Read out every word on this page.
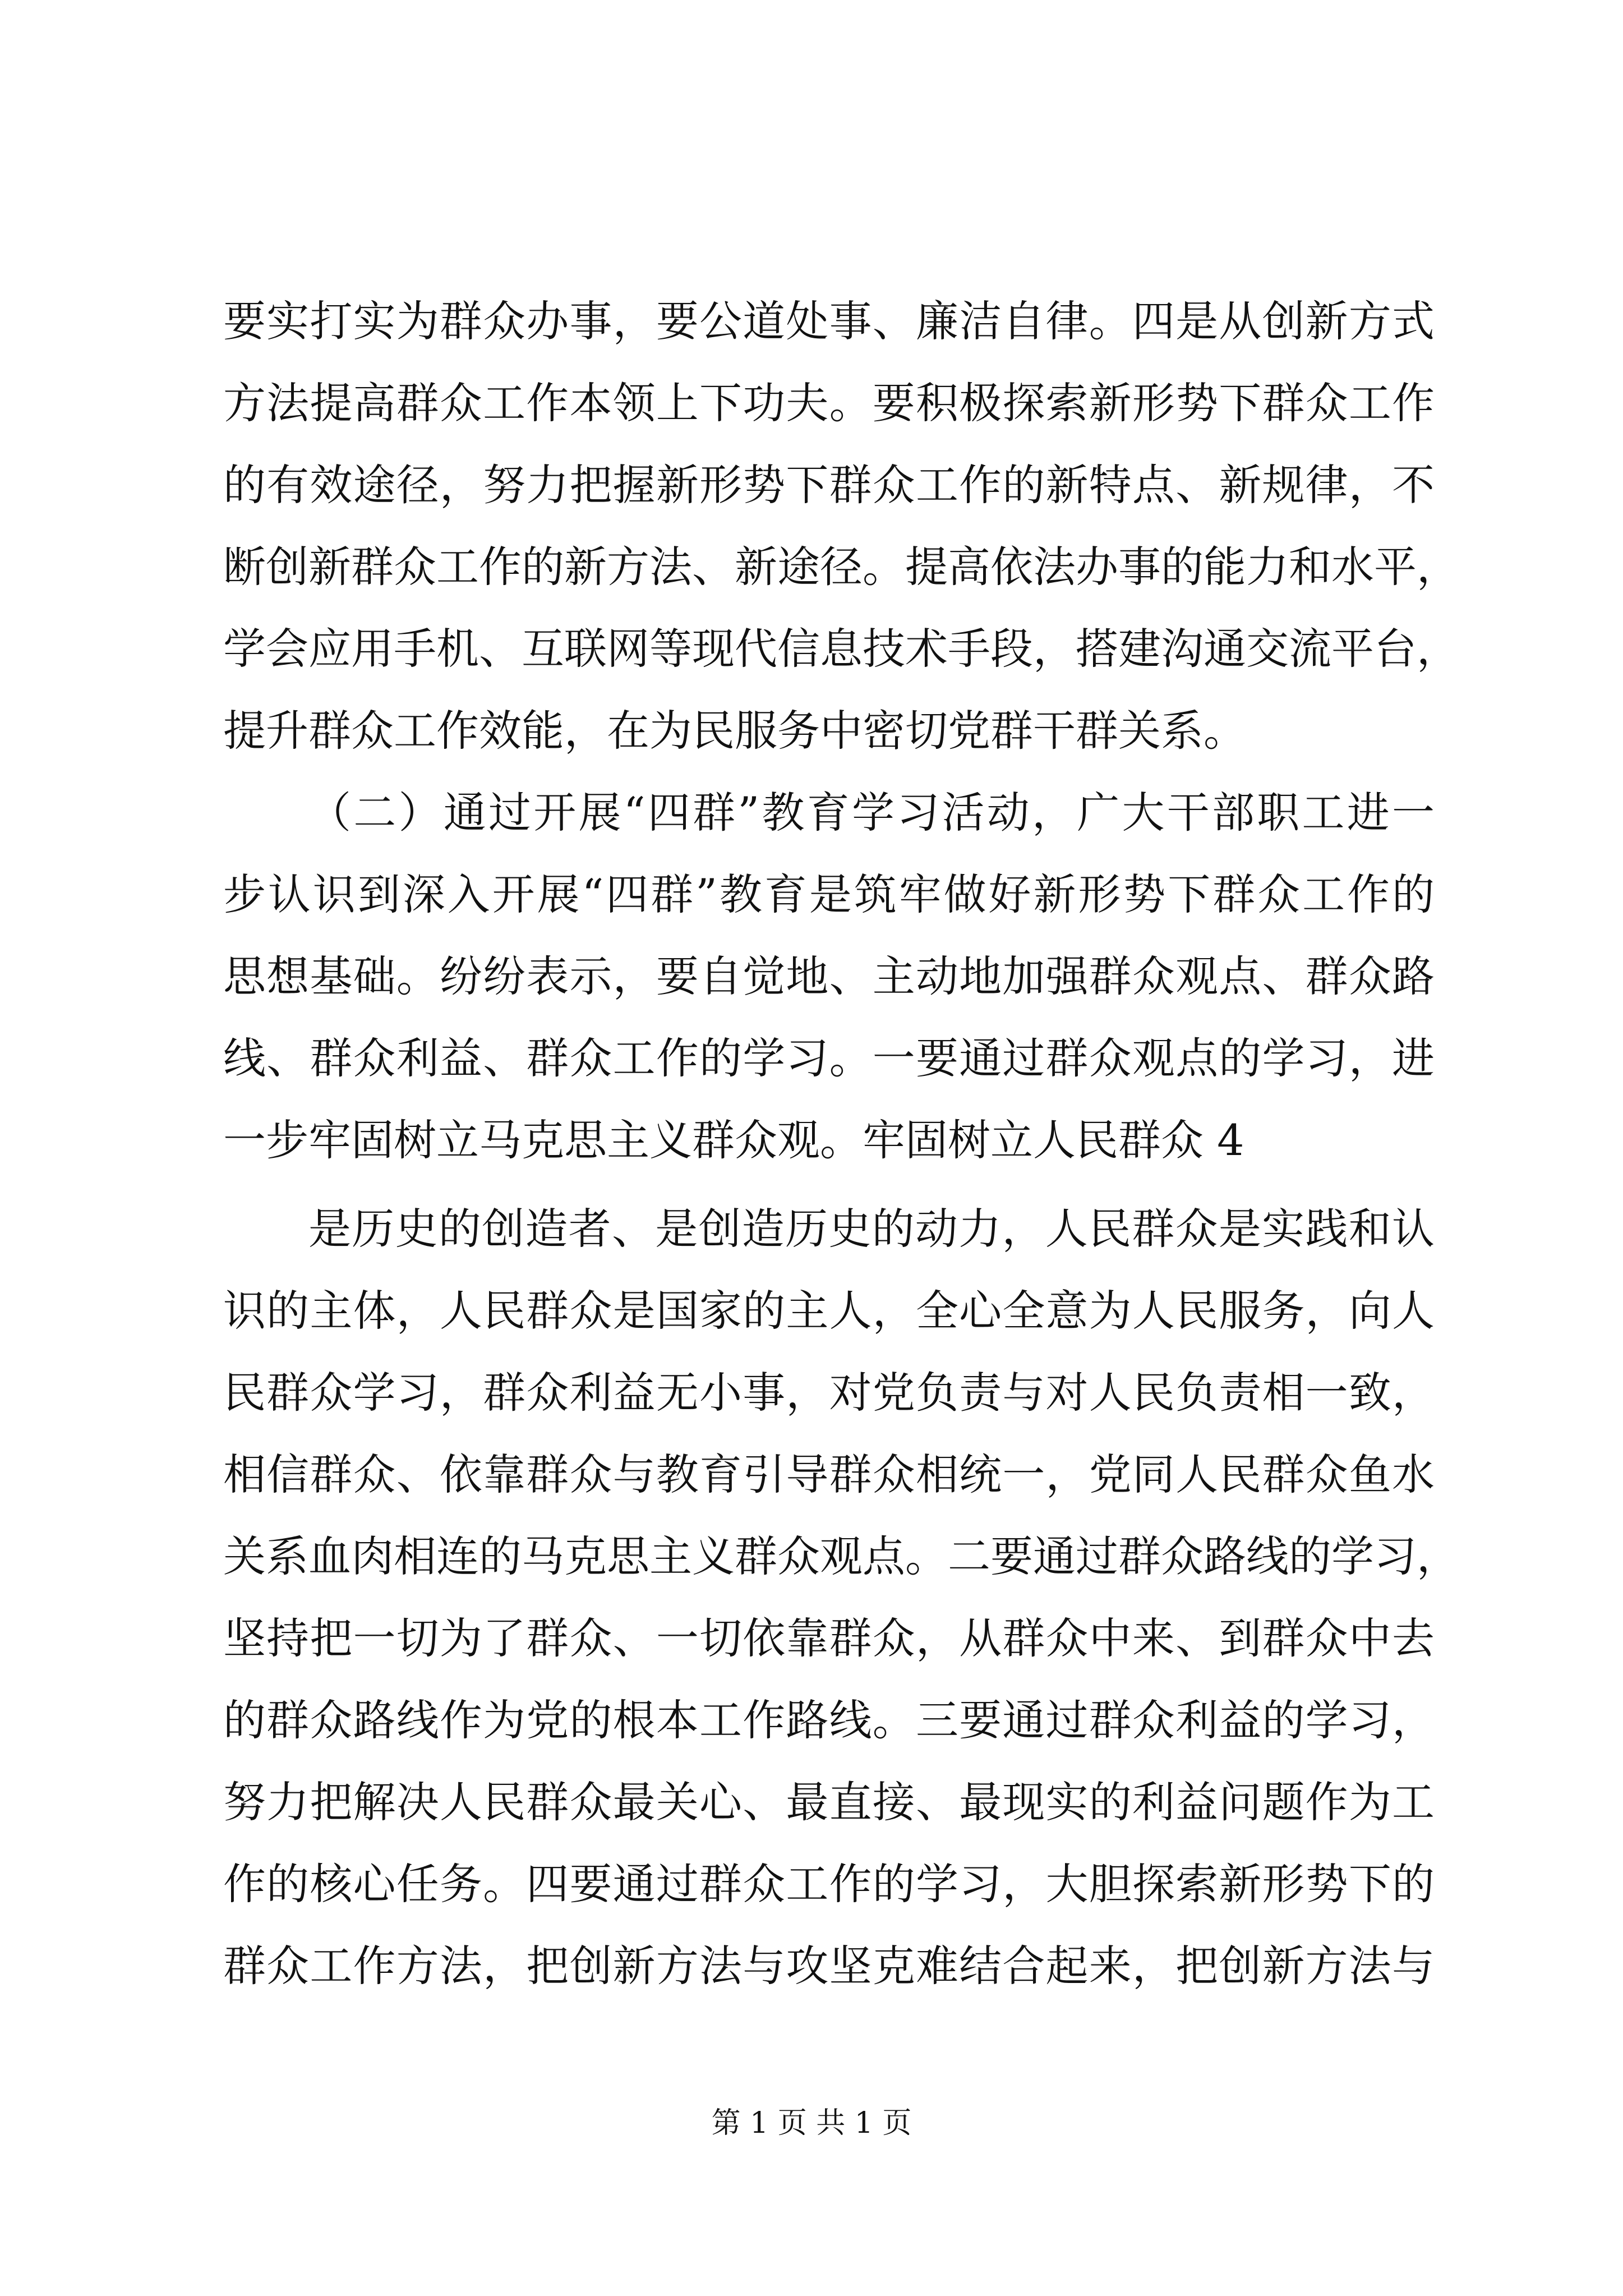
要实打实为群众办事，要公道处事、廉洁自律。四是从创新方式
方法提高群众工作本领上下功夫。要积极探索新形势下群众工作
的有效途径，努力把握新形势下群众工作的新特点、新规律，不
断创新群众工作的新方法、新途径。提高依法办事的能力和水平，
学会应用手机、互联网等现代信息技术手段，搭建沟通交流平台，
提升群众工作效能，在为民服务中密切党群干群关系。
（二）通过开展“四群”教育学习活动，广大干部职工进一
步认识到深入开展“四群”教育是筑牢做好新形势下群众工作的
思想基础。纷纷表示，要自觉地、主动地加强群众观点、群众路
线、群众利益、群众工作的学习。一要通过群众观点的学习，进
一步牢固树立马克思主义群众观。牢固树立人民群众 4
是历史的创造者、是创造历史的动力，人民群众是实践和认
识的主体，人民群众是国家的主人，全心全意为人民服务，向人
民群众学习，群众利益无小事，对党负责与对人民负责相一致，
相信群众、依靠群众与教育引导群众相统一，党同人民群众鱼水
关系血肉相连的马克思主义群众观点。二要通过群众路线的学习，
坚持把一切为了群众、一切依靠群众，从群众中来、到群众中去
的群众路线作为党的根本工作路线。三要通过群众利益的学习，
努力把解决人民群众最关心、最直接、最现实的利益问题作为工
作的核心任务。四要通过群众工作的学习，大胆探索新形势下的
群众工作方法，把创新方法与攻坚克难结合起来，把创新方法与
第 1 页 共 1 页
